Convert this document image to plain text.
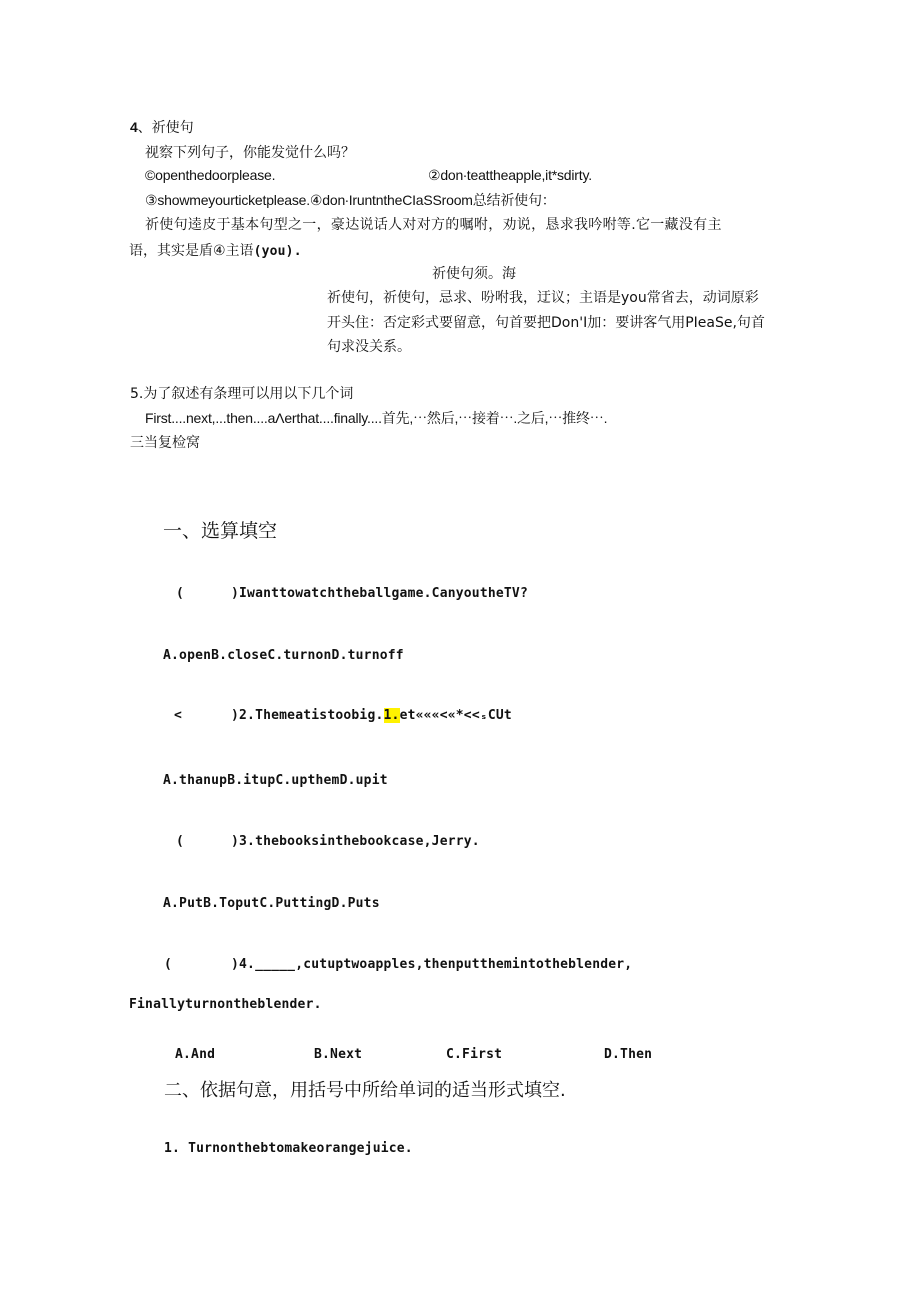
4、祈使句
视察下列句子，你能发觉什么吗？
©openthedoorplease.	②don∙teattheapple,it*sdirty.
③showmeyourticketplease.④don∙IruntntheCIaSSroom总结祈使句：
祈使句逵皮于基本句型之一，豪达说话人对对方的嘱咐，劝说，恳求我吟咐等.它一藏没有主
语，其实是盾④主语(you).
祈使句须。海
祈使句，祈使句，忌求、吩咐我，迂议；主语是you常省去，动词原彩
开头住：否定彩式要留意，句首要把Don'I加：要讲客气用PIeaSe,句首
句求没关系。
5.为了叙述有条理可以用以下几个词
First....next,...then....aΛerthat....finally....首先,⋯然后,⋯接着⋯.之后,⋯推终⋯.
三当复检窝
一、选算填空
(	)Iwanttowatchtheballgame.CanyoutheTV?
A.openB.closeC.turnonD.turnoff
<	)2.Themeatistoobig.1.et«««<«*<<ₛCUt
A.thanupB.itupC.upthemD.upit
(	)3.thebooksinthebookcase,Jerry.
A.PutB.ToputC.PuttingD.Puts
(	)4._____,cutuptwoapples,thenputthemintotheblender,
Finallyturnontheblender.
A.And	B.Next	C.First	D.Then
二、依据句意，用括号中所给单词的适当形式填空.
1. Turnonthebtomakeorangejuice.
